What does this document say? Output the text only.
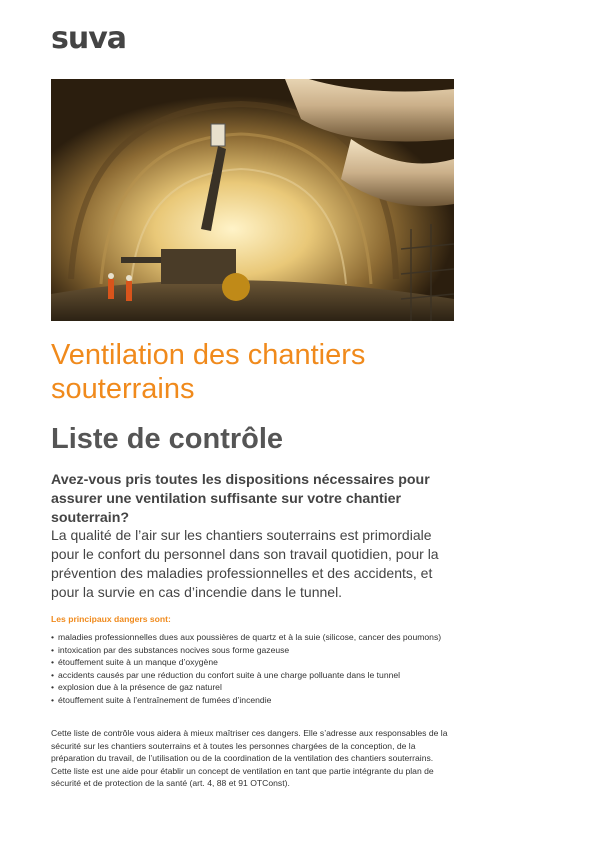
suva
Ventilation des chantiers souterrains
Liste de contrôle

Avez-vous pris toutes les dispositions nécessaires pour assurer une ventilation suffisante sur votre chantier souterrain?

La qualité de l’air sur les chantiers souterrains est primordiale pour le confort du personnel dans son travail quotidien, pour la prévention des maladies professionnelles et des accidents, et pour la survie en cas d’incendie dans le tunnel.

Les principaux dangers sont:

• maladies professionnelles dues aux poussières de quartz et à la suie (silicose, cancer des poumons)
• intoxication par des substances nocives sous forme gazeuse
• étouffement suite à un manque d’oxygène
• accidents causés par une réduction du confort suite à une charge polluante dans le tunnel
• explosion due à la présence de gaz naturel
• étouffement suite à l’entraînement de fumées d’incendie

Cette liste de contrôle vous aidera à mieux maîtriser ces dangers. Elle s’adresse aux responsables de la sécurité sur les chantiers souterrains et à toutes les personnes chargées de la conception, de la préparation du travail, de l’utilisation ou de la coordination de la ventilation des chantiers souterrains. Cette liste est une aide pour établir un concept de ventilation en tant que partie intégrante du plan de sécurité et de protection de la santé (art. 4, 88 et 91 OTConst).
